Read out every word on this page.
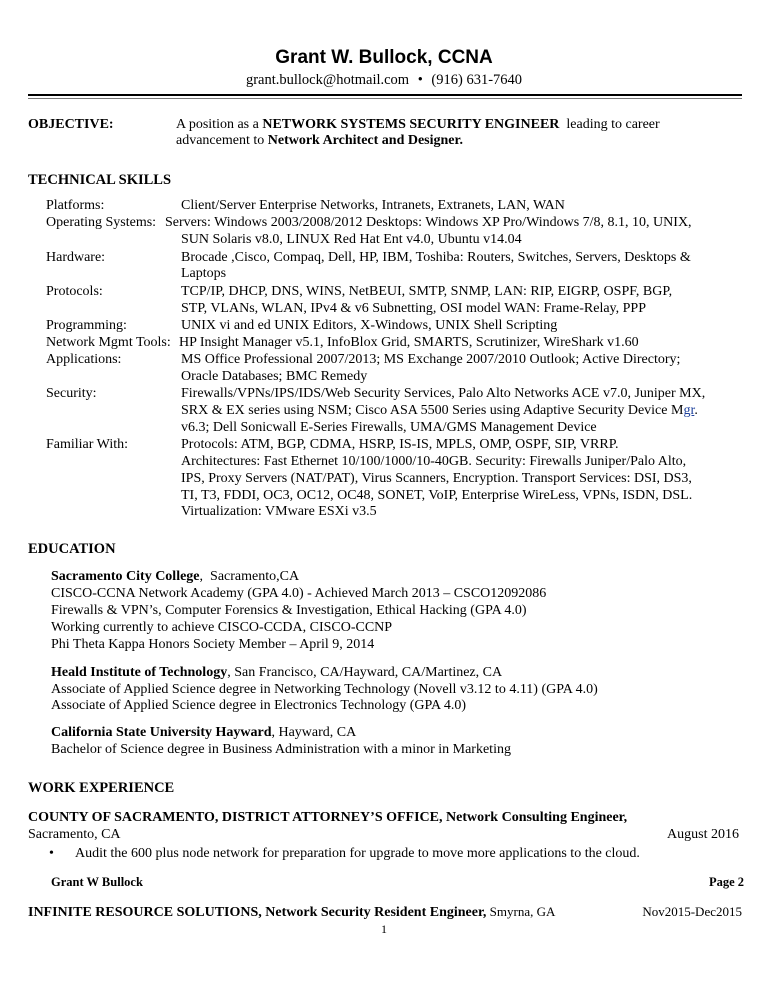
Grant W. Bullock, CCNA
grant.bullock@hotmail.com • (916) 631-7640
OBJECTIVE:	A position as a NETWORK SYSTEMS SECURITY ENGINEER  leading to career
advancement to Network Architect and Designer.
TECHNICAL SKILLS
Platforms:	Client/Server Enterprise Networks, Intranets, Extranets, LAN, WAN
Operating Systems: Servers: Windows 2003/2008/2012 Desktops: Windows XP Pro/Windows 7/8, 8.1, 10, UNIX,
SUN Solaris v8.0, LINUX Red Hat Ent v4.0, Ubuntu v14.04
Hardware:	Brocade ,Cisco, Compaq, Dell, HP, IBM, Toshiba: Routers, Switches, Servers, Desktops &
Laptops
Protocols:	TCP/IP, DHCP, DNS, WINS, NetBEUI, SMTP, SNMP, LAN: RIP, EIGRP, OSPF, BGP,
STP, VLANs, WLAN, IPv4 & v6 Subnetting, OSI model WAN: Frame-Relay, PPP
Programming:	UNIX vi and ed UNIX Editors, X-Windows, UNIX Shell Scripting
Network Mgmt Tools: HP Insight Manager v5.1, InfoBlox Grid, SMARTS, Scrutinizer, WireShark v1.60
Applications:	MS Office Professional 2007/2013; MS Exchange 2007/2010 Outlook; Active Directory;
Oracle Databases; BMC Remedy
Security:	Firewalls/VPNs/IPS/IDS/Web Security Services, Palo Alto Networks ACE v7.0, Juniper MX,
SRX & EX series using NSM; Cisco ASA 5500 Series using Adaptive Security Device Mgr.
v6.3; Dell Sonicwall E-Series Firewalls, UMA/GMS Management Device
Familiar With:	Protocols: ATM, BGP, CDMA, HSRP, IS-IS, MPLS, OMP, OSPF, SIP, VRRP.
Architectures: Fast Ethernet 10/100/1000/10-40GB. Security: Firewalls Juniper/Palo Alto,
IPS, Proxy Servers (NAT/PAT), Virus Scanners, Encryption. Transport Services: DSI, DS3,
TI, T3, FDDI, OC3, OC12, OC48, SONET, VoIP, Enterprise WireLess, VPNs, ISDN, DSL.
Virtualization: VMware ESXi v3.5
EDUCATION
Sacramento City College,  Sacramento,CA
CISCO-CCNA Network Academy (GPA 4.0) - Achieved March 2013 – CSCO12092086
Firewalls & VPN’s, Computer Forensics & Investigation, Ethical Hacking (GPA 4.0)
Working currently to achieve CISCO-CCDA, CISCO-CCNP
Phi Theta Kappa Honors Society Member – April 9, 2014
Heald Institute of Technology, San Francisco, CA/Hayward, CA/Martinez, CA
Associate of Applied Science degree in Networking Technology (Novell v3.12 to 4.11) (GPA 4.0)
Associate of Applied Science degree in Electronics Technology (GPA 4.0)
California State University Hayward, Hayward, CA
Bachelor of Science degree in Business Administration with a minor in Marketing
WORK EXPERIENCE
COUNTY OF SACRAMENTO, DISTRICT ATTORNEY’S OFFICE, Network Consulting Engineer,
Sacramento, CA	August 2016
• Audit the 600 plus node network for preparation for upgrade to move more applications to the cloud.
Grant W Bullock	Page 2
INFINITE RESOURCE SOLUTIONS, Network Security Resident Engineer, Smyrna, GA	Nov2015-Dec2015
1
